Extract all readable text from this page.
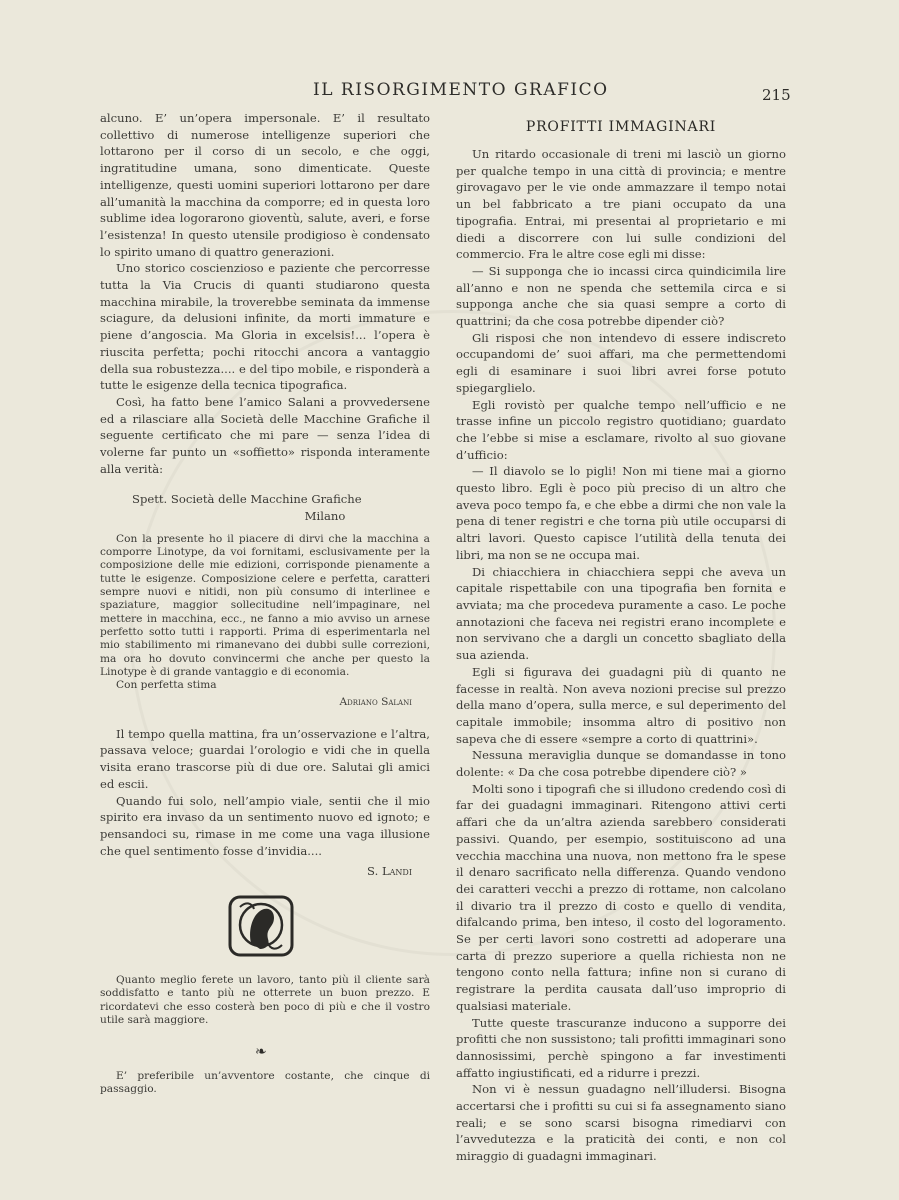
IL RISORGIMENTO GRAFICO	215

alcuno. E’ un’opera impersonale. E’ il resultato collettivo di numerose intelligenze superiori che lottarono per il corso di un secolo, e che oggi, ingratitudine umana, sono dimenticate. Queste intelligenze, questi uomini superiori lottarono per dare all’umanità la macchina da comporre; ed in questa loro sublime idea logorarono gioventù, salute, averi, e forse l’esistenza! In questo utensile prodigioso è condensato lo spirito umano di quattro generazioni.

Uno storico coscienzioso e paziente che percorresse tutta la Via Crucis di quanti studiarono questa macchina mirabile, la troverebbe seminata da immense sciagure, da delusioni infinite, da morti immature e piene d’angoscia. Ma Gloria in excelsis!... l’opera è riuscita perfetta; pochi ritocchi ancora a vantaggio della sua robustezza.... e del tipo mobile, e risponderà a tutte le esigenze della tecnica tipografica.

Così, ha fatto bene l’amico Salani a provvedersene ed a rilasciare alla Società delle Macchine Grafiche il seguente certificato che mi pare — senza l’idea di volerne far punto un «soffietto» risponda interamente alla verità:

Spett. Società delle Macchine Grafiche

Milano

Con la presente ho il piacere di dirvi che la macchina a comporre Linotype, da voi fornitami, esclusivamente per la composizione delle mie edizioni, corrisponde pienamente a tutte le esigenze. Composizione celere e perfetta, caratteri sempre nuovi e nitidi, non più consumo di interlinee e spaziature, maggior sollecitudine nell’impaginare, nel mettere in macchina, ecc., ne fanno a mio avviso un arnese perfetto sotto tutti i rapporti. Prima di esperimentarla nel mio stabilimento mi rimanevano dei dubbi sulle correzioni, ma ora ho dovuto convincermi che anche per questo la Linotype è di grande vantaggio e di economia.

Con perfetta stima

Adriano Salani

Il tempo quella mattina, fra un’osservazione e l’altra, passava veloce; guardai l’orologio e vidi che in quella visita erano trascorse più di due ore. Salutai gli amici ed escii.

Quando fui solo, nell’ampio viale, sentii che il mio spirito era invaso da un sentimento nuovo ed ignoto; e pensandoci su, rimase in me come una vaga illusione che quel sentimento fosse d’invidia....

S. Landi

Quanto meglio ferete un lavoro, tanto più il cliente sarà soddisfatto e tanto più ne otterrete un buon prezzo. E ricordatevi che esso costerà ben poco di più e che il vostro utile sarà maggiore.

❧

E’ preferibile un’avventore costante, che cinque di passaggio.

PROFITTI IMMAGINARI

Un ritardo occasionale di treni mi lasciò un giorno per qualche tempo in una città di provincia; e mentre girovagavo per le vie onde ammazzare il tempo notai un bel fabbricato a tre piani occupato da una tipografia. Entrai, mi presentai al proprietario e mi diedi a discorrere con lui sulle condizioni del commercio. Fra le altre cose egli mi disse:

— Si supponga che io incassi circa quindicimila lire all’anno e non ne spenda che settemila circa e si supponga anche che sia quasi sempre a corto di quattrini; da che cosa potrebbe dipender ciò?

Gli risposi che non intendevo di essere indiscreto occupandomi de’ suoi affari, ma che permettendomi egli di esaminare i suoi libri avrei forse potuto spiegarglielo.

Egli rovistò per qualche tempo nell’ufficio e ne trasse infine un piccolo registro quotidiano; guardato che l’ebbe si mise a esclamare, rivolto al suo giovane d’ufficio:

— Il diavolo se lo pigli! Non mi tiene mai a giorno questo libro. Egli è poco più preciso di un altro che aveva poco tempo fa, e che ebbe a dirmi che non vale la pena di tener registri e che torna più utile occuparsi di altri lavori. Questo capisce l’utilità della tenuta dei libri, ma non se ne occupa mai.

Di chiacchiera in chiacchiera seppi che aveva un capitale rispettabile con una tipografia ben fornita e avviata; ma che procedeva puramente a caso. Le poche annotazioni che faceva nei registri erano incomplete e non servivano che a dargli un concetto sbagliato della sua azienda.

Egli si figurava dei guadagni più di quanto ne facesse in realtà. Non aveva nozioni precise sul prezzo della mano d’opera, sulla merce, e sul deperimento del capitale immobile; insomma altro di positivo non sapeva che di essere «sempre a corto di quattrini».

Nessuna meraviglia dunque se domandasse in tono dolente: « Da che cosa potrebbe dipendere ciò? »

Molti sono i tipografi che si illudono credendo così di far dei guadagni immaginari. Ritengono attivi certi affari che da un’altra azienda sarebbero considerati passivi. Quando, per esempio, sostituiscono ad una vecchia macchina una nuova, non mettono fra le spese il denaro sacrificato nella differenza. Quando vendono dei caratteri vecchi a prezzo di rottame, non calcolano il divario tra il prezzo di costo e quello di vendita, difalcando prima, ben inteso, il costo del logoramento. Se per certi lavori sono costretti ad adoperare una carta di prezzo superiore a quella richiesta non ne tengono conto nella fattura; infine non si curano di registrare la perdita causata dall’uso improprio di qualsiasi materiale.

Tutte queste trascuranze inducono a supporre dei profitti che non sussistono; tali profitti immaginari sono dannosissimi, perchè spingono a far investimenti affatto ingiustificati, ed a ridurre i prezzi.

Non vi è nessun guadagno nell’illudersi. Bisogna accertarsi che i profitti su cui si fa assegnamento siano reali; e se sono scarsi bisogna rimediarvi con l’avvedutezza e la praticità dei conti, e non col miraggio di guadagni immaginari.
